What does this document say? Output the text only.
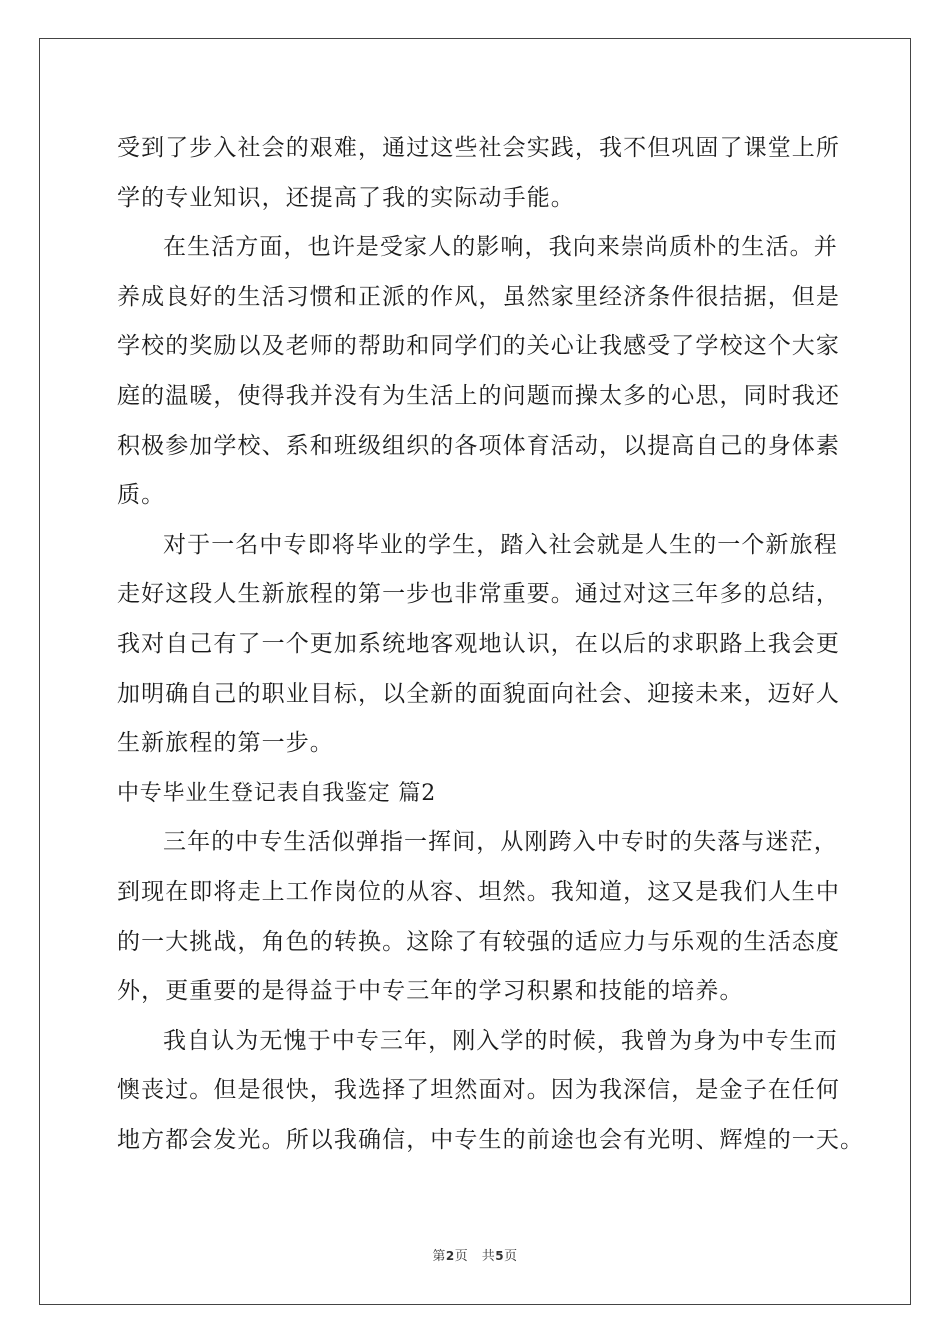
受到了步入社会的艰难，通过这些社会实践，我不但巩固了课堂上所
学的专业知识，还提高了我的实际动手能。
在生活方面，也许是受家人的影响，我向来崇尚质朴的生活。并
养成良好的生活习惯和正派的作风，虽然家里经济条件很拮据，但是
学校的奖励以及老师的帮助和同学们的关心让我感受了学校这个大家
庭的温暖，使得我并没有为生活上的问题而操太多的心思，同时我还
积极参加学校、系和班级组织的各项体育活动，以提高自己的身体素
质。
对于一名中专即将毕业的学生，踏入社会就是人生的一个新旅程
走好这段人生新旅程的第一步也非常重要。通过对这三年多的总结，
我对自己有了一个更加系统地客观地认识，在以后的求职路上我会更
加明确自己的职业目标，以全新的面貌面向社会、迎接未来，迈好人
生新旅程的第一步。
中专毕业生登记表自我鉴定 篇2
三年的中专生活似弹指一挥间，从刚跨入中专时的失落与迷茫，
到现在即将走上工作岗位的从容、坦然。我知道，这又是我们人生中
的一大挑战，角色的转换。这除了有较强的适应力与乐观的生活态度
外，更重要的是得益于中专三年的学习积累和技能的培养。
我自认为无愧于中专三年，刚入学的时候，我曾为身为中专生而
懊丧过。但是很快，我选择了坦然面对。因为我深信，是金子在任何
地方都会发光。所以我确信，中专生的前途也会有光明、辉煌的一天。
第2页　共5页
